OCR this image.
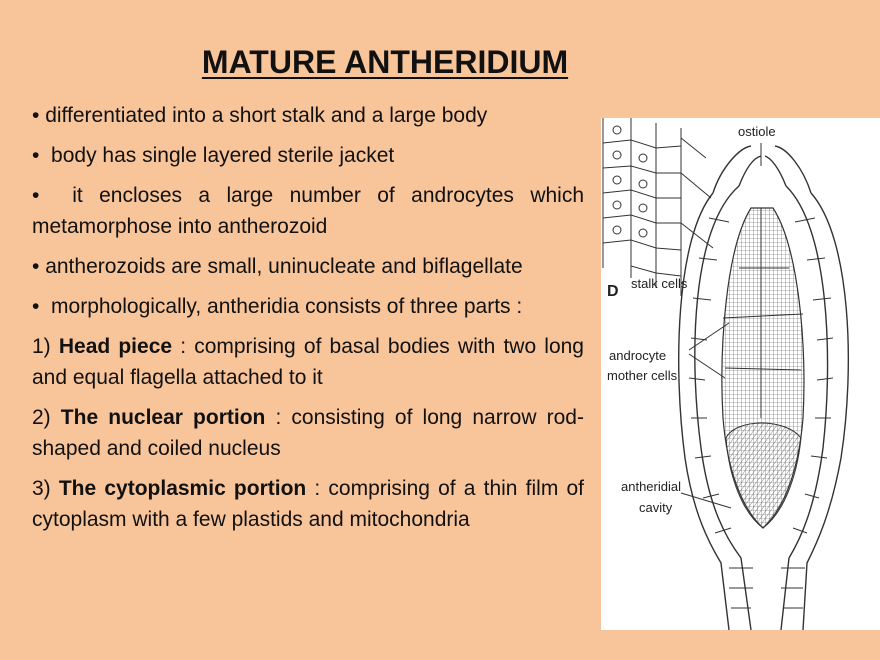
MATURE ANTHERIDIUM
• differentiated into a short stalk and a large body
• body has single layered sterile jacket
• it encloses a large number of androcytes which metamorphose into antherozoid
• antherozoids are small, uninucleate and biflagellate
• morphologically, antheridia consists of three parts :
1) Head piece : comprising of basal bodies with two long and equal flagella attached to it
2) The nuclear portion : consisting of long narrow rod- shaped and coiled nucleus
3) The cytoplasmic portion : comprising of a thin film of cytoplasm with a few plastids and mitochondria
ostiole
D stalk cells
androcyte
mother cells
antheridial
cavity
